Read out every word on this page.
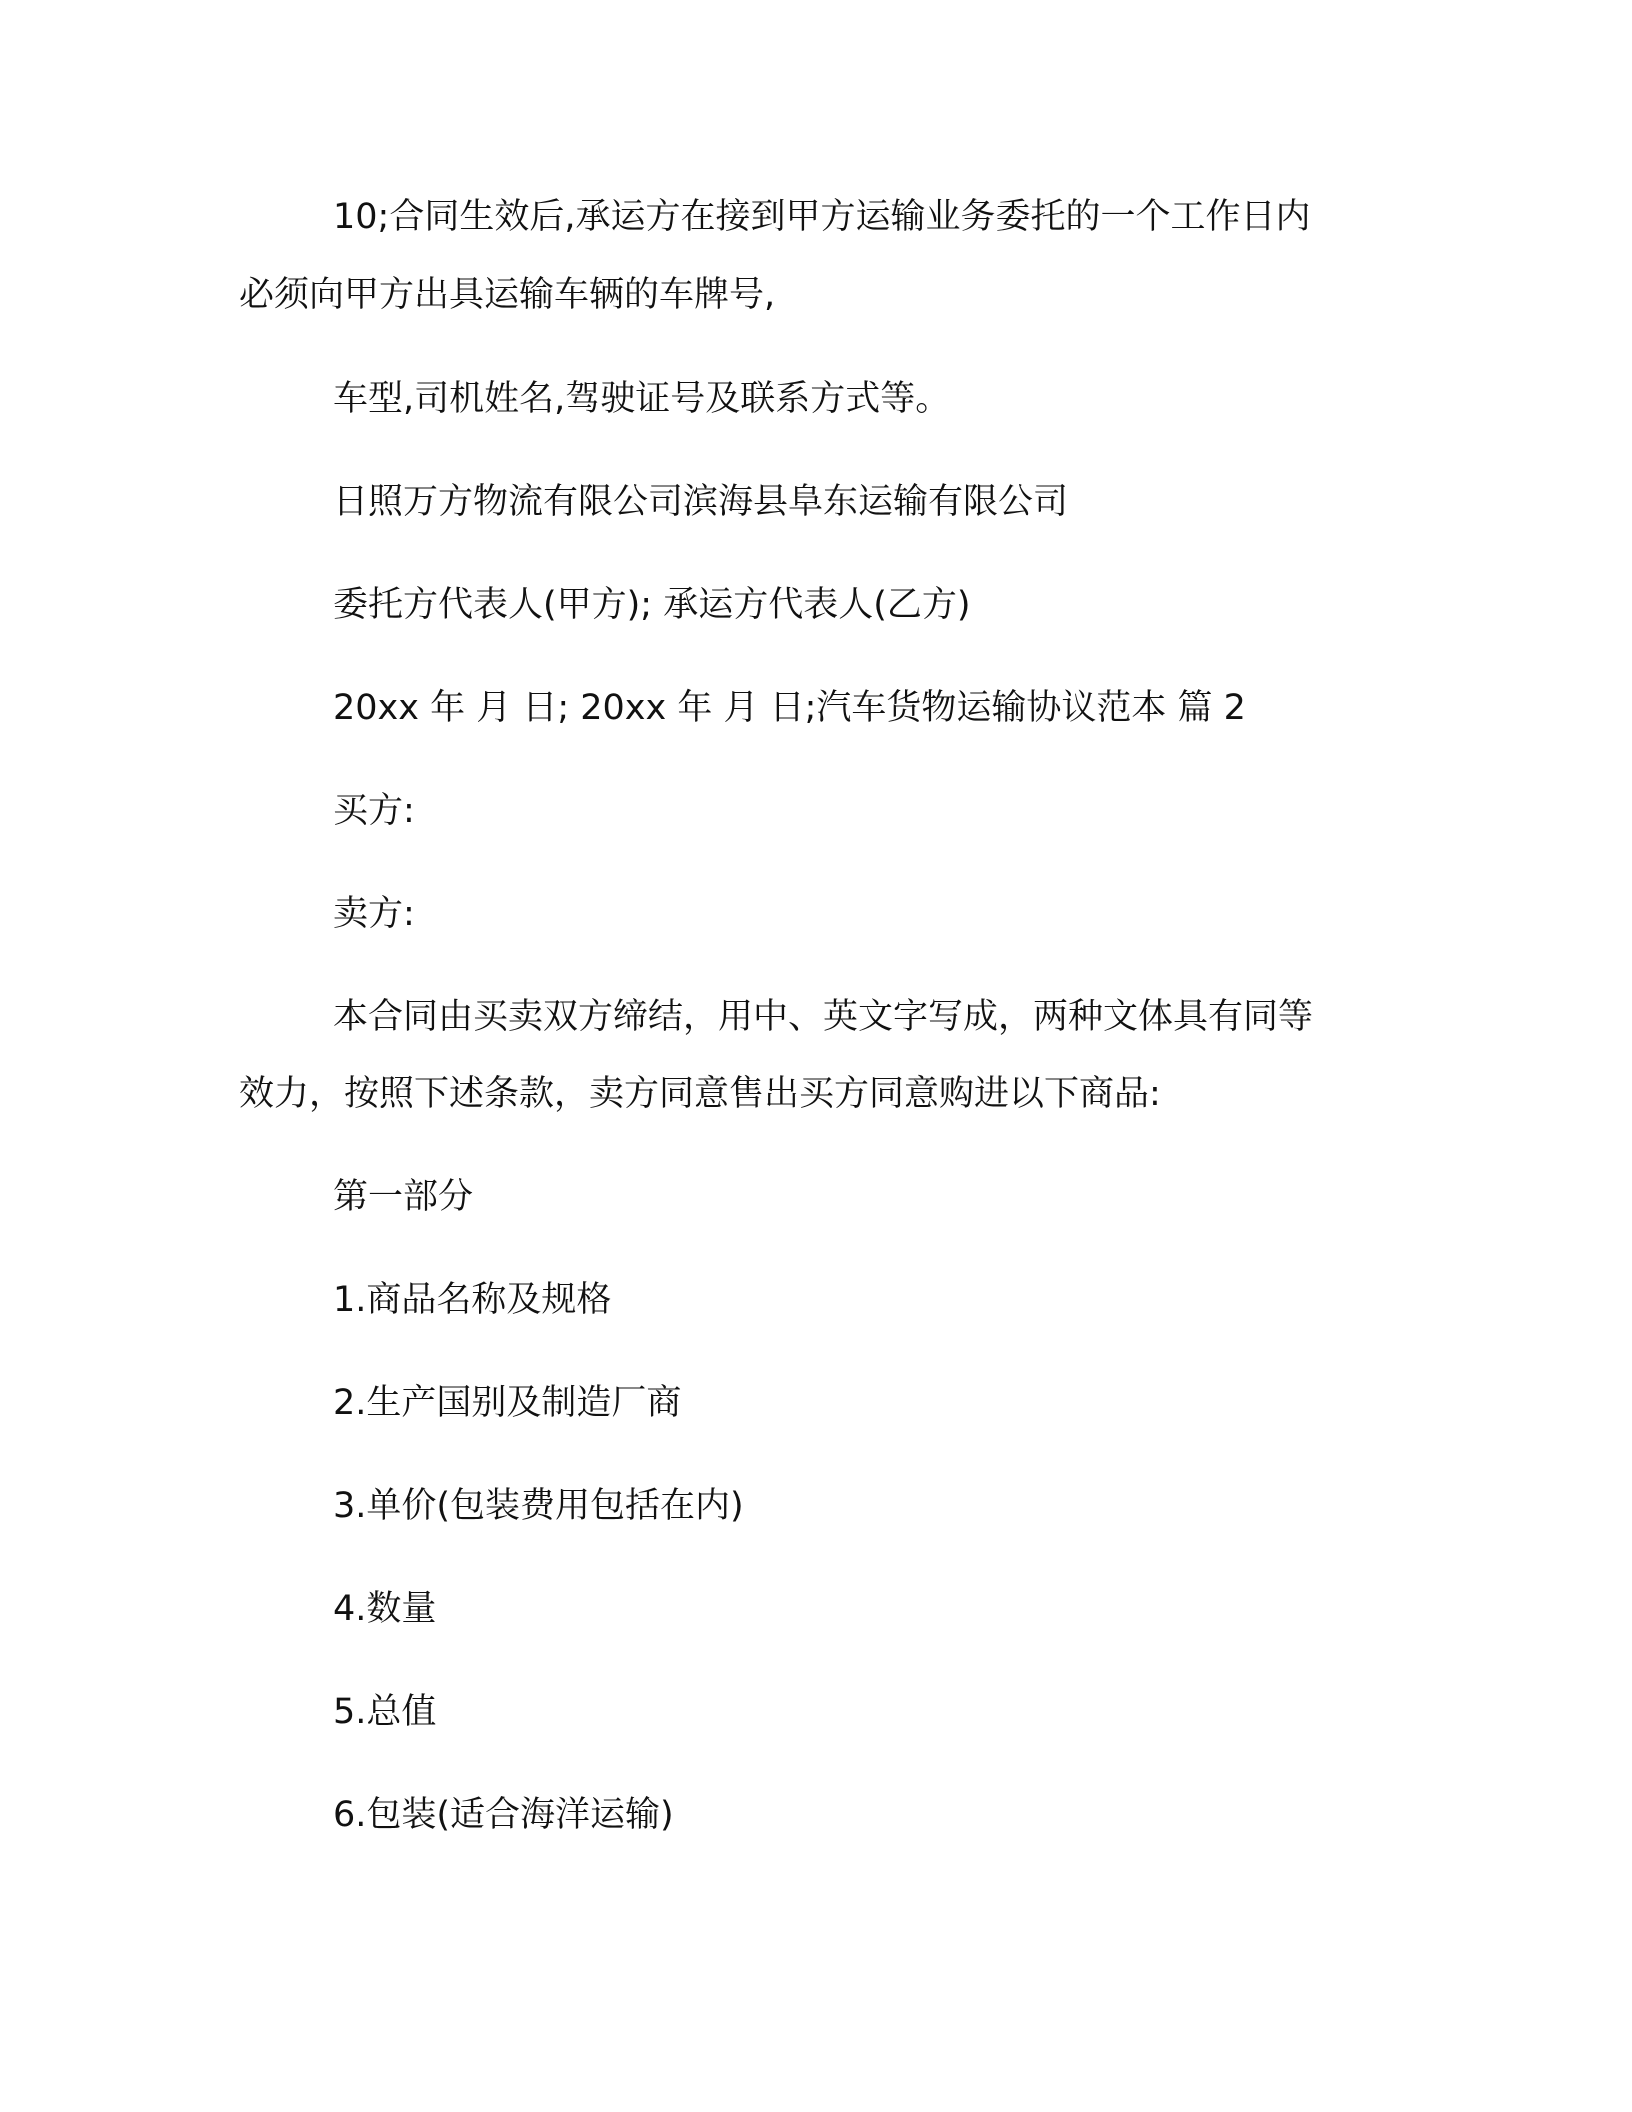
10;合同生效后,承运方在接到甲方运输业务委托的一个工作日内
必须向甲方出具运输车辆的车牌号,
车型,司机姓名,驾驶证号及联系方式等。
日照万方物流有限公司滨海县阜东运输有限公司
委托方代表人(甲方); 承运方代表人(乙方)
20xx 年 月 日; 20xx 年 月 日;汽车货物运输协议范本 篇 2
买方:
卖方:
本合同由买卖双方缔结，用中、英文字写成，两种文体具有同等
效力，按照下述条款，卖方同意售出买方同意购进以下商品:
第一部分
1.商品名称及规格
2.生产国别及制造厂商
3.单价(包装费用包括在内)
4.数量
5.总值
6.包装(适合海洋运输)
